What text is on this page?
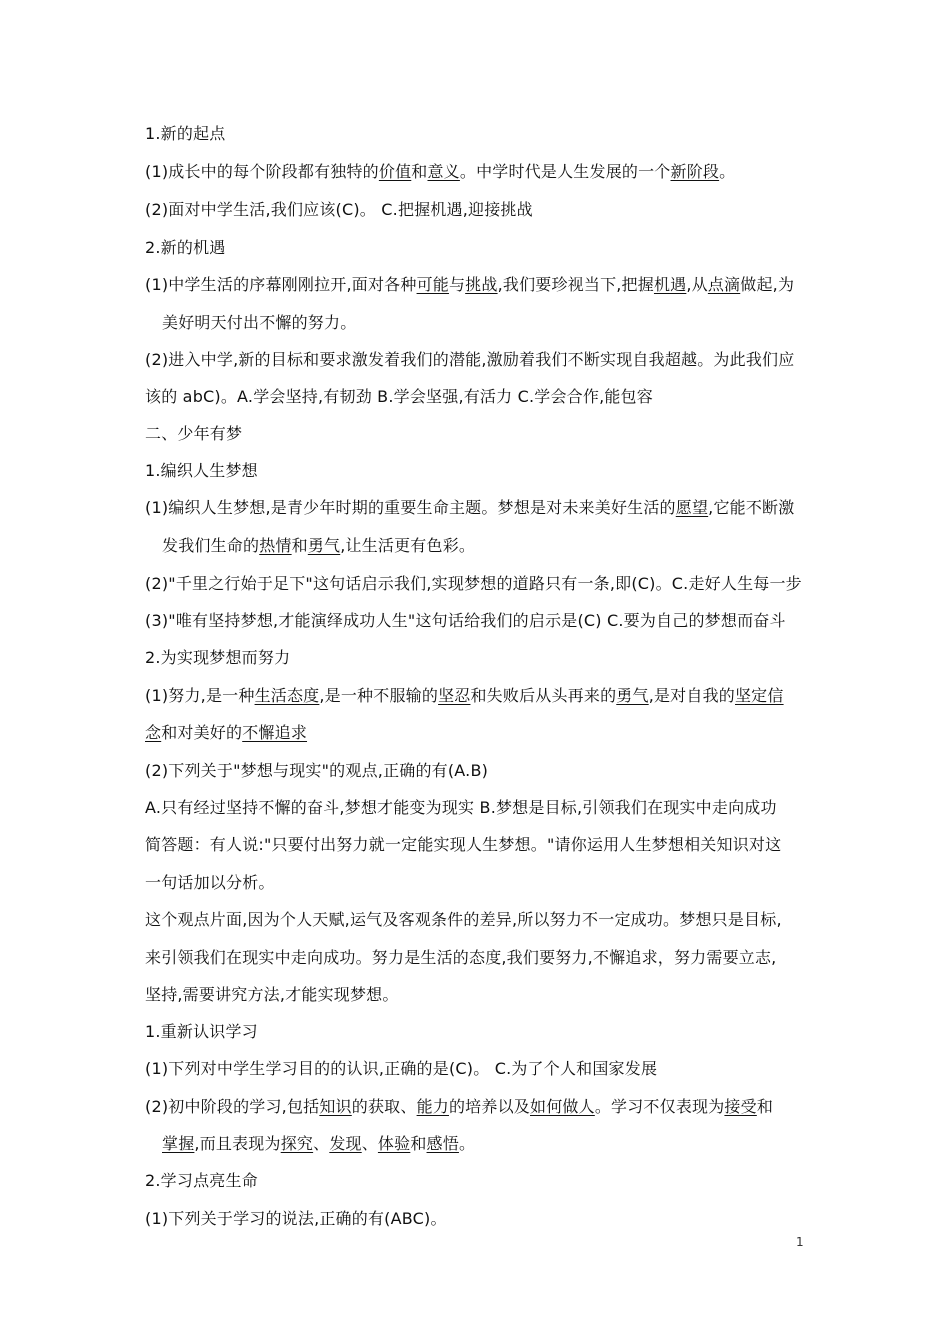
1.新的起点
(1)成长中的每个阶段都有独特的价值和意义。中学时代是人生发展的一个新阶段。
(2)面对中学生活,我们应该(C)。 C.把握机遇,迎接挑战
2.新的机遇
(1)中学生活的序幕刚刚拉开,面对各种可能与挑战,我们要珍视当下,把握机遇,从点滴做起,为
美好明天付出不懈的努力。
(2)进入中学,新的目标和要求激发着我们的潜能,激励着我们不断实现自我超越。为此我们应
该的 abC)。A.学会坚持,有韧劲 B.学会坚强,有活力 C.学会合作,能包容
二、少年有梦
1.编织人生梦想
(1)编织人生梦想,是青少年时期的重要生命主题。梦想是对未来美好生活的愿望,它能不断激
发我们生命的热情和勇气,让生活更有色彩。
(2)"千里之行始于足下"这句话启示我们,实现梦想的道路只有一条,即(C)。C.走好人生每一步
(3)"唯有坚持梦想,才能演绎成功人生"这句话给我们的启示是(C) C.要为自己的梦想而奋斗
2.为实现梦想而努力
(1)努力,是一种生活态度,是一种不服输的坚忍和失败后从头再来的勇气,是对自我的坚定信
念和对美好的不懈追求
(2)下列关于"梦想与现实"的观点,正确的有(A.B)
A.只有经过坚持不懈的奋斗,梦想才能变为现实 B.梦想是目标,引领我们在现实中走向成功
简答题：有人说:"只要付出努力就一定能实现人生梦想。"请你运用人生梦想相关知识对这
一句话加以分析。
这个观点片面,因为个人天赋,运气及客观条件的差异,所以努力不一定成功。梦想只是目标,
来引领我们在现实中走向成功。努力是生活的态度,我们要努力,不懈追求，努力需要立志,
坚持,需要讲究方法,才能实现梦想。
1.重新认识学习
(1)下列对中学生学习目的的认识,正确的是(C)。 C.为了个人和国家发展
(2)初中阶段的学习,包括知识的获取、能力的培养以及如何做人。学习不仅表现为接受和
掌握,而且表现为探究、发现、体验和感悟。
2.学习点亮生命
(1)下列关于学习的说法,正确的有(ABC)。
1
